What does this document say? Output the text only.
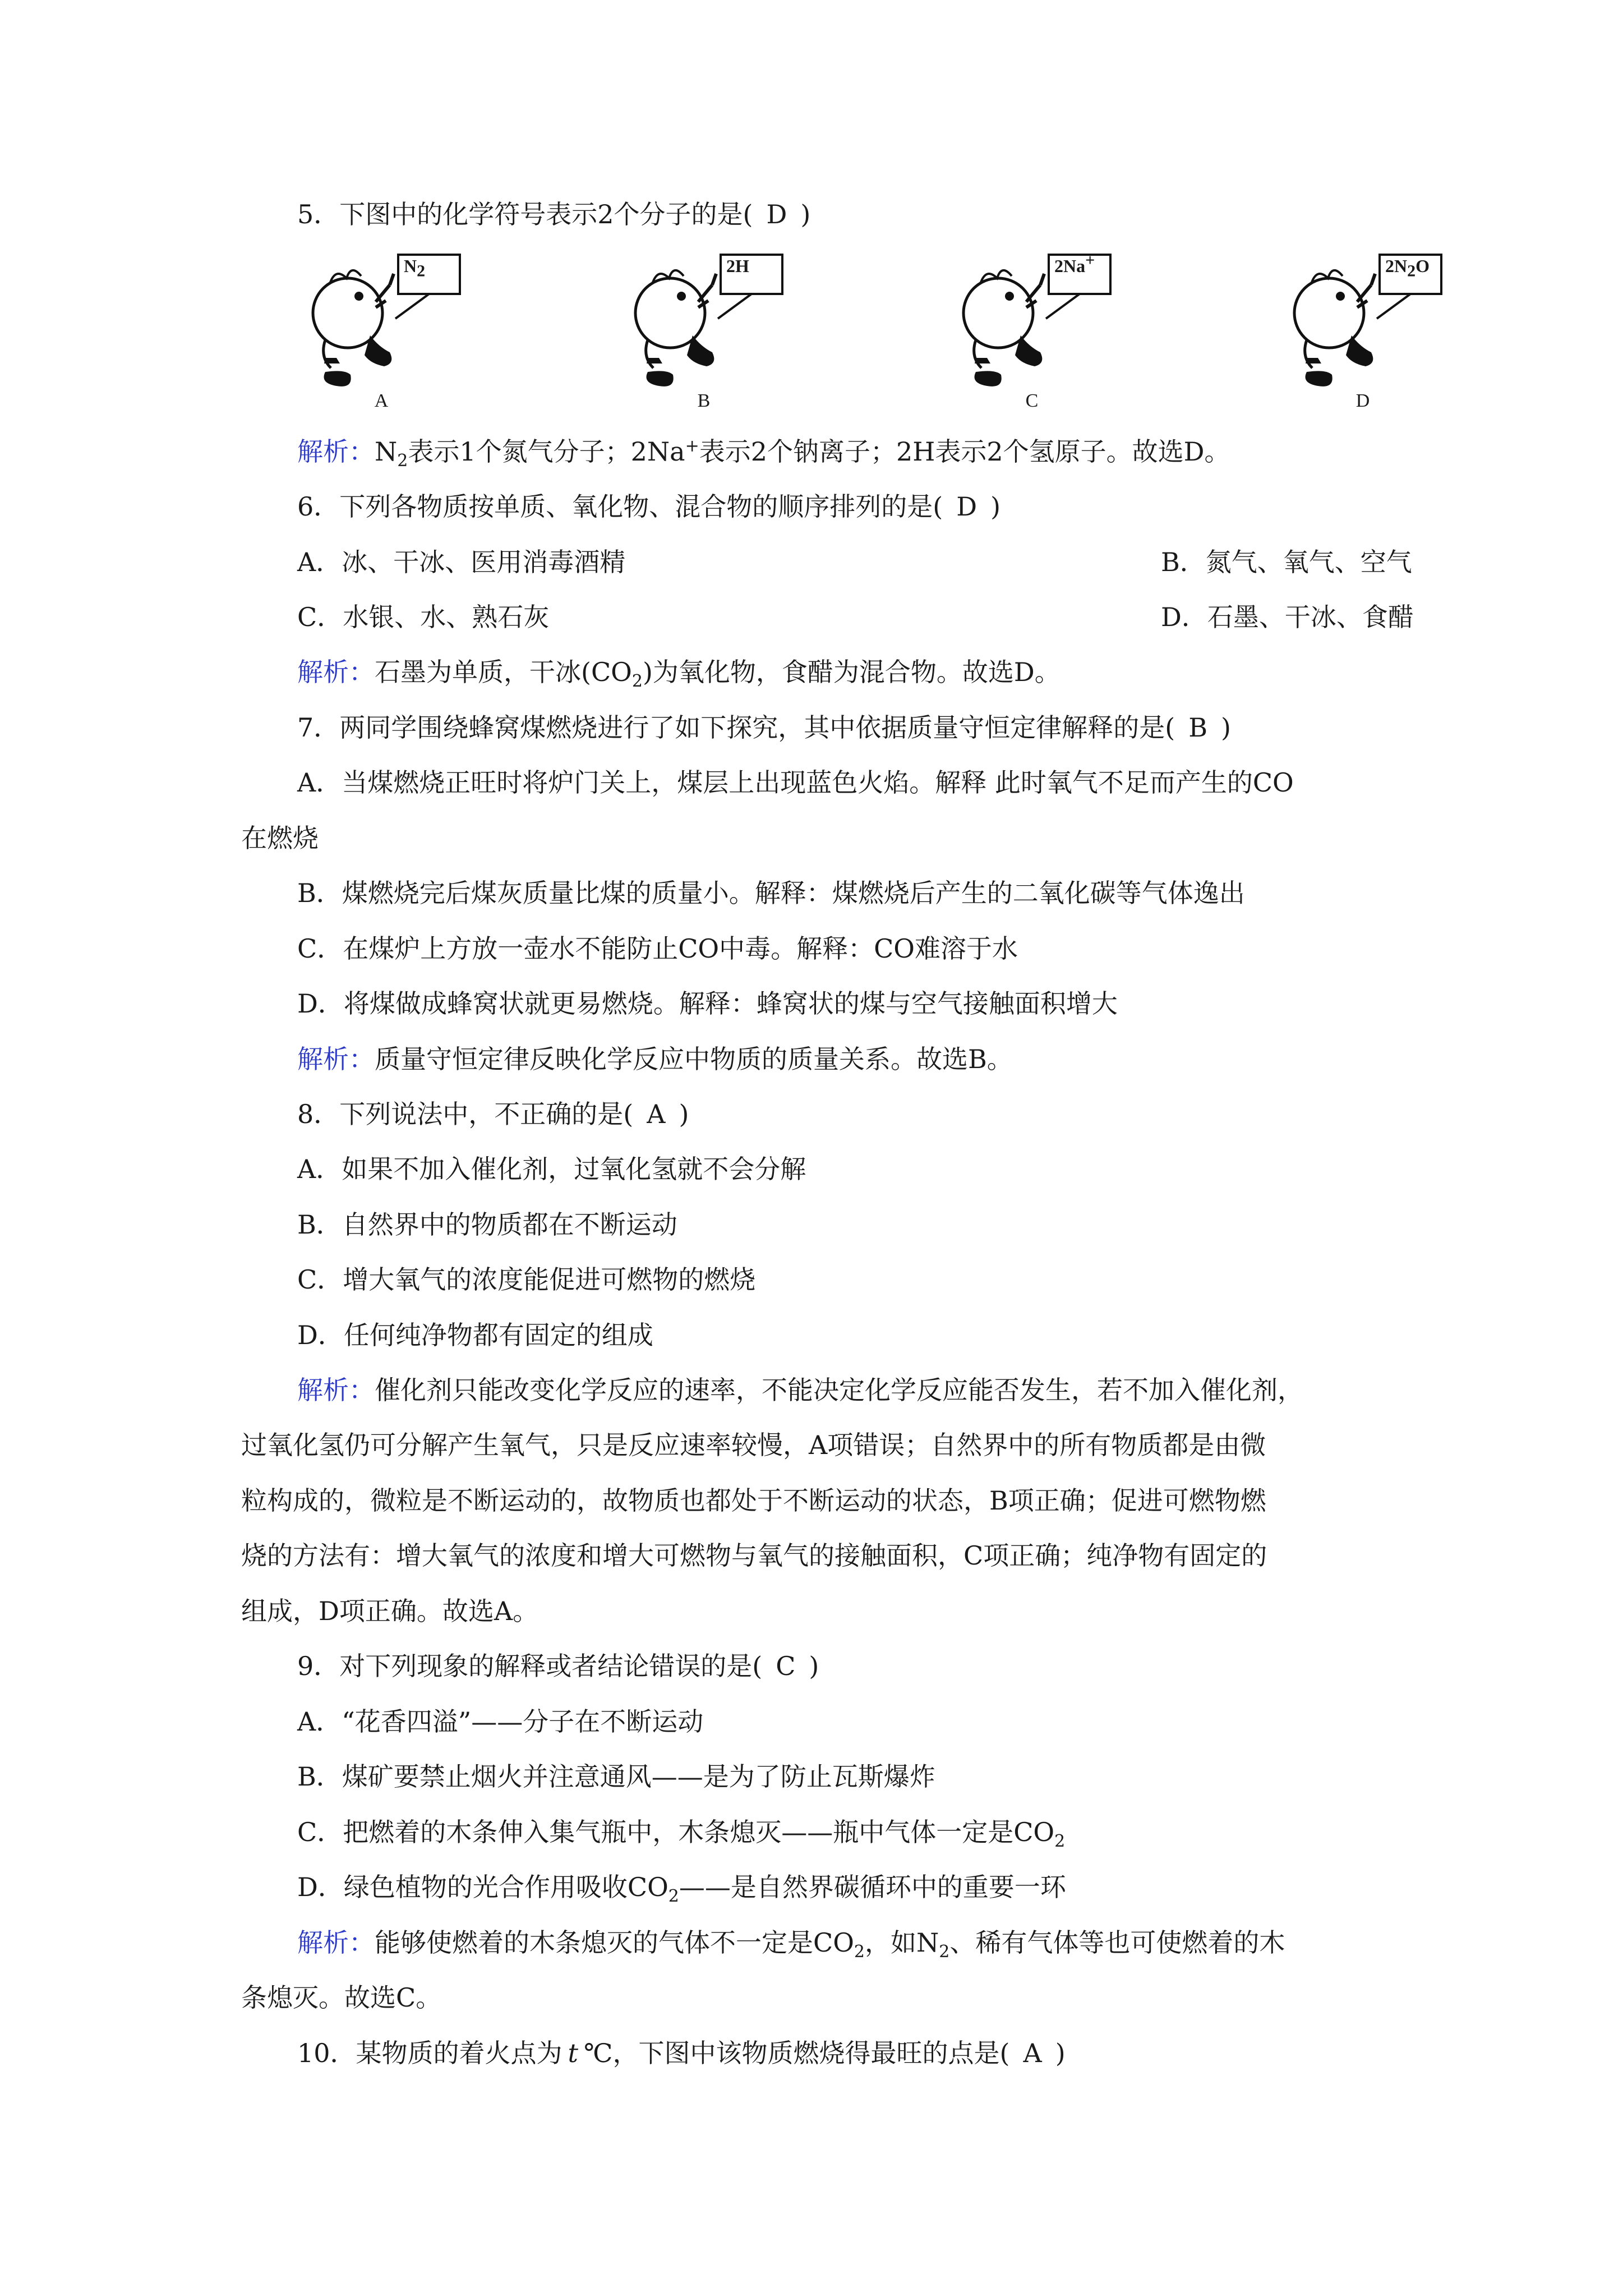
5．下图中的化学符号表示2个分子的是( D )
$N_2$
A
2H
B
2Na+
C
$2N_2O$
D
解析：$N_2$表示1个氮气分子；2Na+表示2个钠离子；2H表示2个氢原子。故选D。
6．下列各物质按单质、氧化物、混合物的顺序排列的是( D )
A．冰、干冰、医用消毒酒精	B．氮气、氧气、空气
C．水银、水、熟石灰	D．石墨、干冰、食醋
解析：石墨为单质，干冰$(CO_2)$为氧化物，食醋为混合物。故选D。
7．两同学围绕蜂窝煤燃烧进行了如下探究，其中依据质量守恒定律解释的是( B )
A．当煤燃烧正旺时将炉门关上，煤层上出现蓝色火焰。解释 此时氧气不足而产生的CO
在燃烧
B．煤燃烧完后煤灰质量比煤的质量小。解释：煤燃烧后产生的二氧化碳等气体逸出
C．在煤炉上方放一壶水不能防止CO中毒。解释：CO难溶于水
D．将煤做成蜂窝状就更易燃烧。解释：蜂窝状的煤与空气接触面积增大
解析：质量守恒定律反映化学反应中物质的质量关系。故选B。
8．下列说法中，不正确的是( A )
A．如果不加入催化剂，过氧化氢就不会分解
B．自然界中的物质都在不断运动
C．增大氧气的浓度能促进可燃物的燃烧
D．任何纯净物都有固定的组成
解析：催化剂只能改变化学反应的速率，不能决定化学反应能否发生，若不加入催化剂，
过氧化氢仍可分解产生氧气，只是反应速率较慢，A项错误；自然界中的所有物质都是由微
粒构成的，微粒是不断运动的，故物质也都处于不断运动的状态，B项正确；促进可燃物燃
烧的方法有：增大氧气的浓度和增大可燃物与氧气的接触面积，C项正确；纯净物有固定的
组成，D项正确。故选A。
9．对下列现象的解释或者结论错误的是( C )
A．“花香四溢”——分子在不断运动
B．煤矿要禁止烟火并注意通风——是为了防止瓦斯爆炸
C．把燃着的木条伸入集气瓶中，木条熄灭——瓶中气体一定是$CO_2$
D．绿色植物的光合作用吸收$CO_2——$是自然界碳循环中的重要一环
解析：能够使燃着的木条熄灭的气体不一定是$CO_2$，如$N_2$、稀有气体等也可使燃着的木
条熄灭。故选C。
10．某物质的着火点为 t ℃，下图中该物质燃烧得最旺的点是( A )
